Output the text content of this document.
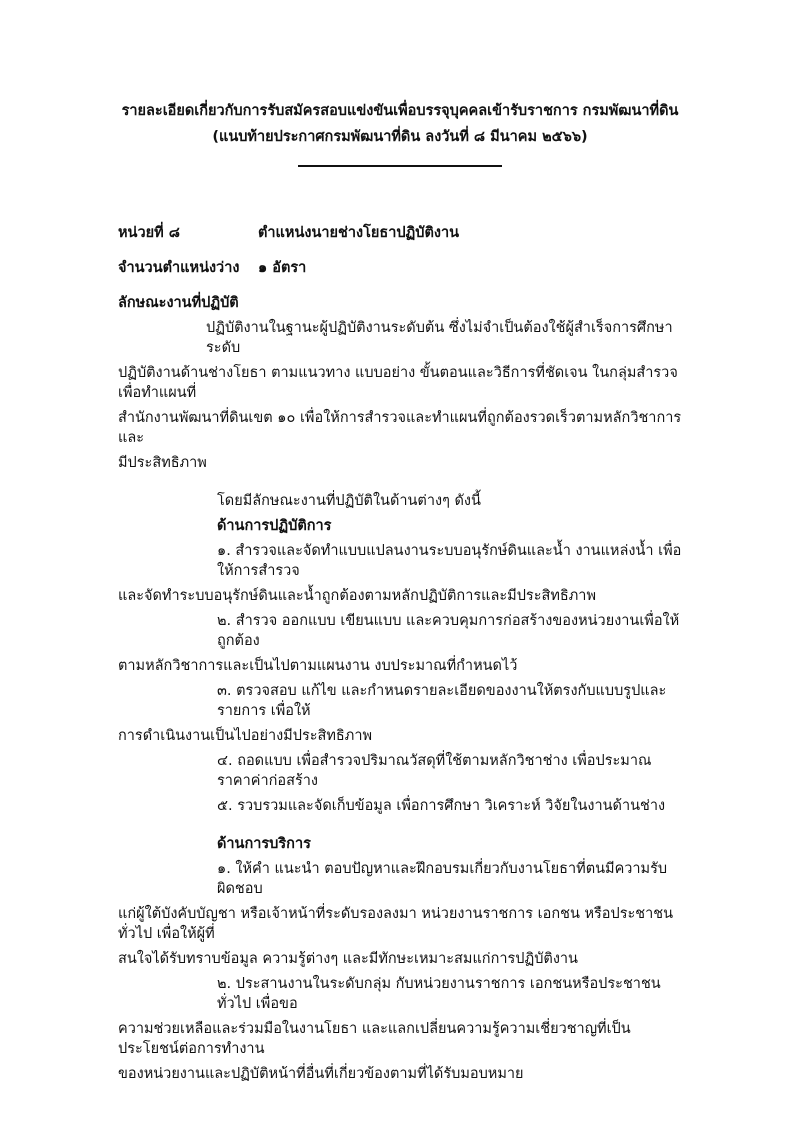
รายละเอียดเกี่ยวกับการรับสมัครสอบแข่งขันเพื่อบรรจุบุคคลเข้ารับราชการ กรมพัฒนาที่ดิน
(แนบท้ายประกาศกรมพัฒนาที่ดิน ลงวันที่ ๘ มีนาคม ๒๕๖๖)
หน่วยที่ ๘	ตำแหน่งนายช่างโยธาปฏิบัติงาน
จำนวนตำแหน่งว่าง	๑ อัตรา
ลักษณะงานที่ปฏิบัติ
ปฏิบัติงานในฐานะผู้ปฏิบัติงานระดับต้น ซึ่งไม่จำเป็นต้องใช้ผู้สำเร็จการศึกษาระดับ
ปฏิบัติงานด้านช่างโยธา ตามแนวทาง แบบอย่าง ขั้นตอนและวิธีการที่ชัดเจน ในกลุ่มสำรวจเพื่อทำแผนที่
สำนักงานพัฒนาที่ดินเขต ๑๐ เพื่อให้การสำรวจและทำแผนที่ถูกต้องรวดเร็วตามหลักวิชาการและ
มีประสิทธิภาพ
โดยมีลักษณะงานที่ปฏิบัติในด้านต่างๆ ดังนี้
ด้านการปฏิบัติการ
๑. สำรวจและจัดทำแบบแปลนงานระบบอนุรักษ์ดินและน้ำ งานแหล่งน้ำ เพื่อให้การสำรวจ
และจัดทำระบบอนุรักษ์ดินและน้ำถูกต้องตามหลักปฏิบัติการและมีประสิทธิภาพ
๒. สำรวจ ออกแบบ เขียนแบบ และควบคุมการก่อสร้างของหน่วยงานเพื่อให้ถูกต้อง
ตามหลักวิชาการและเป็นไปตามแผนงาน งบประมาณที่กำหนดไว้
๓. ตรวจสอบ แก้ไข และกำหนดรายละเอียดของงานให้ตรงกับแบบรูปและรายการ เพื่อให้
การดำเนินงานเป็นไปอย่างมีประสิทธิภาพ
๔. ถอดแบบ เพื่อสำรวจปริมาณวัสดุที่ใช้ตามหลักวิชาช่าง เพื่อประมาณราคาค่าก่อสร้าง
๕. รวบรวมและจัดเก็บข้อมูล เพื่อการศึกษา วิเคราะห์ วิจัยในงานด้านช่าง
ด้านการบริการ
๑. ให้คำ แนะนำ ตอบปัญหาและฝึกอบรมเกี่ยวกับงานโยธาที่ตนมีความรับผิดชอบ
แก่ผู้ใต้บังคับบัญชา หรือเจ้าหน้าที่ระดับรองลงมา หน่วยงานราชการ เอกชน หรือประชาชนทั่วไป เพื่อให้ผู้ที่
สนใจได้รับทราบข้อมูล ความรู้ต่างๆ และมีทักษะเหมาะสมแก่การปฏิบัติงาน
๒. ประสานงานในระดับกลุ่ม กับหน่วยงานราชการ เอกชนหรือประชาชนทั่วไป เพื่อขอ
ความช่วยเหลือและร่วมมือในงานโยธา และแลกเปลี่ยนความรู้ความเชี่ยวชาญที่เป็นประโยชน์ต่อการทำงาน
ของหน่วยงานและปฏิบัติหน้าที่อื่นที่เกี่ยวข้องตามที่ได้รับมอบหมาย
